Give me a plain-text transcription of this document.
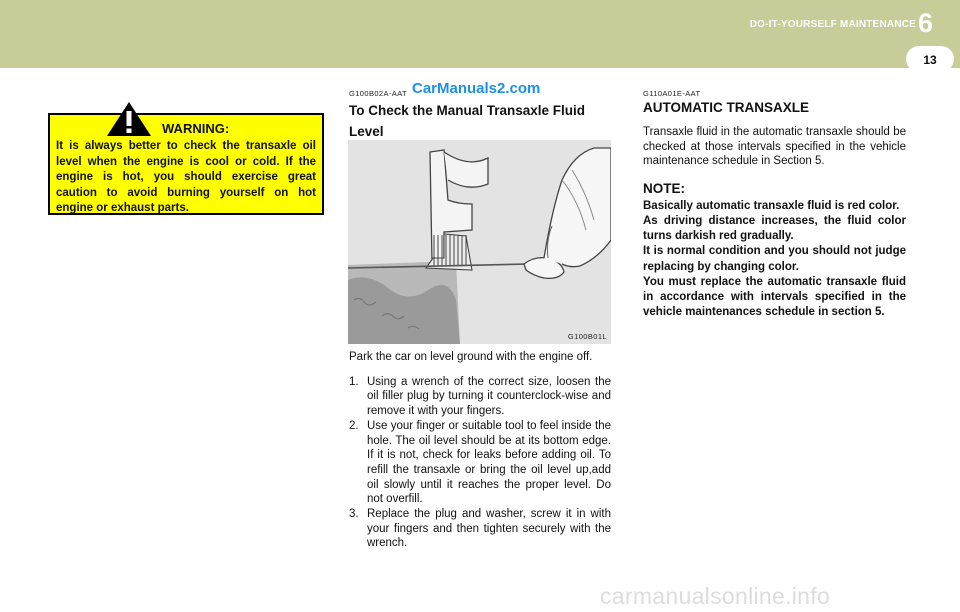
DO-IT-YOURSELF MAINTENANCE 6
13
WARNING:
It is always better to check the transaxle oil level when the engine is cool or cold. If the engine is hot, you should exercise great caution to avoid burning yourself on hot engine or exhaust parts.
G100B02A-AAT CarManuals2.com
To Check the Manual Transaxle Fluid Level
G100B01L

Park the car on level ground with the engine off.

1. Using a wrench of the correct size, loosen the oil filler plug by turning it counterclock-wise and remove it with your fingers.
2. Use your finger or suitable tool to feel inside the hole. The oil level should be at its bottom edge. If it is not, check for leaks before adding oil. To refill the transaxle or bring the oil level up,add oil slowly until it reaches the proper level. Do not overfill.
3. Replace the plug and washer, screw it in with your fingers and then tighten securely with the wrench.
G110A01E-AAT
AUTOMATIC TRANSAXLE

Transaxle fluid in the automatic transaxle should be checked at those intervals specified in the vehicle maintenance schedule in Section 5.

NOTE:
Basically automatic transaxle fluid is red color.
As driving distance increases, the fluid color turns darkish red gradually.
It is normal condition and you should not judge replacing by changing color.
You must replace the automatic transaxle fluid in accordance with intervals specified in the vehicle maintenances schedule in section 5.
carmanualsonline.info
